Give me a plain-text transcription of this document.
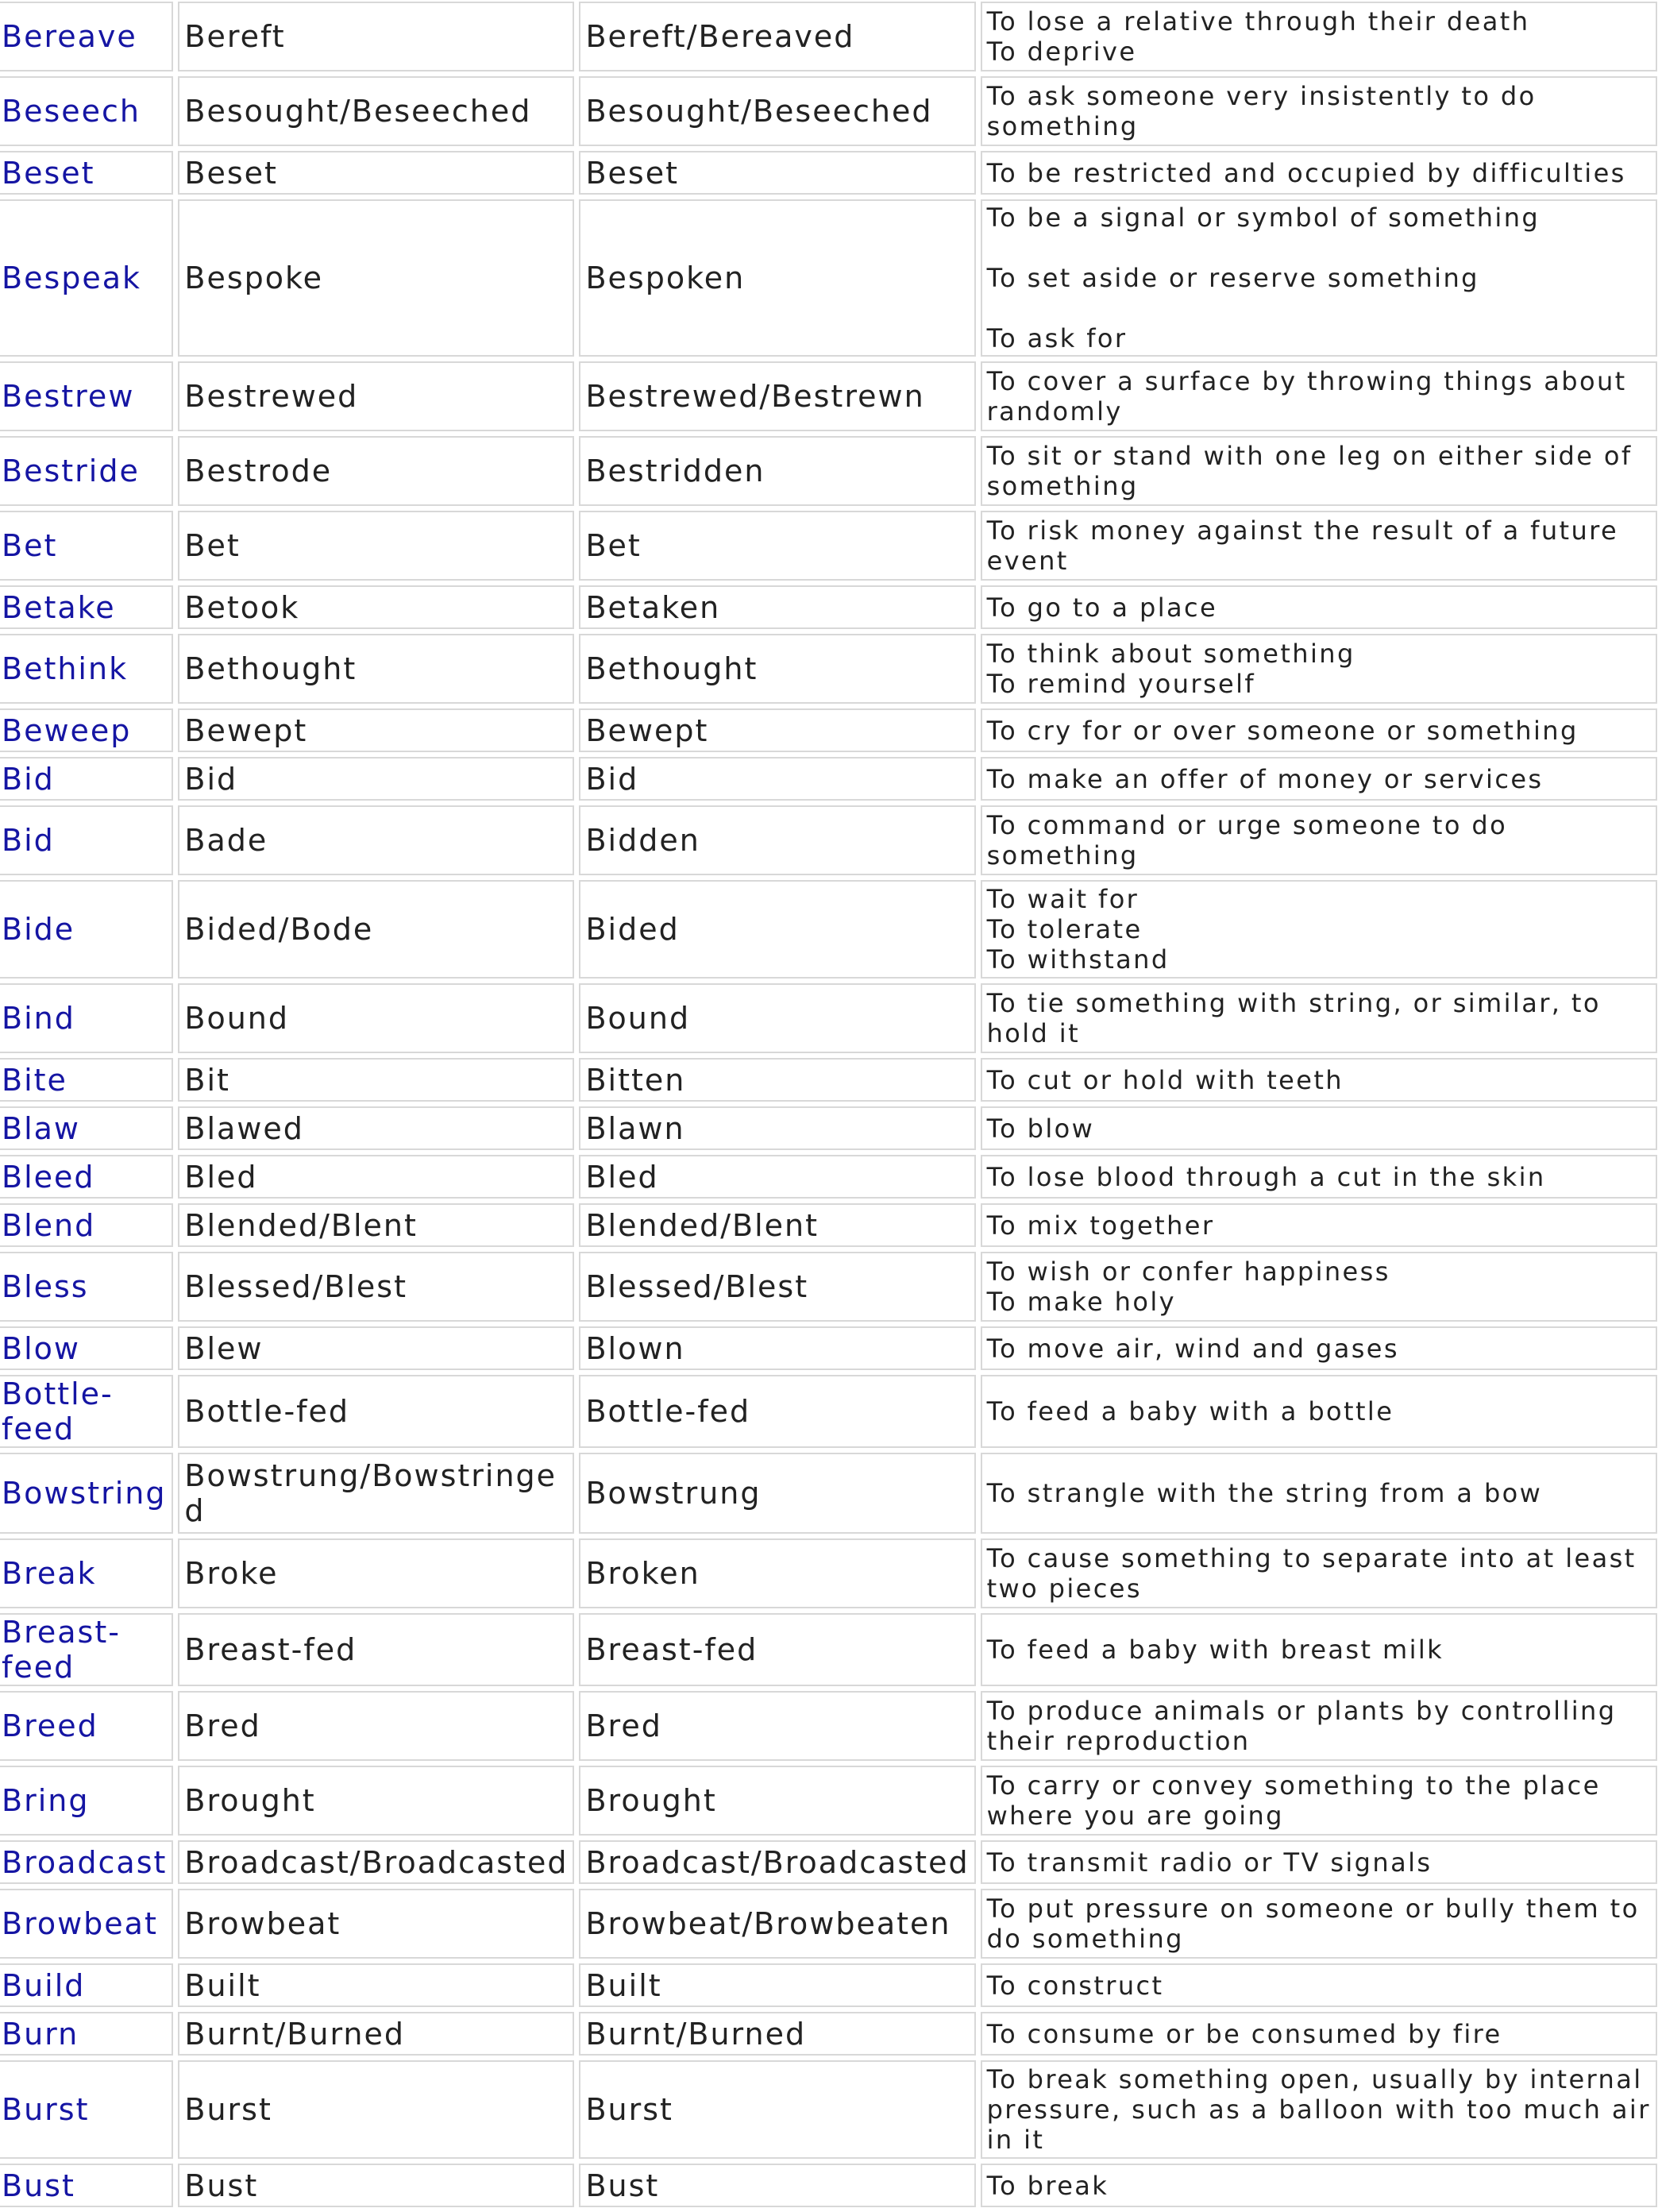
Bereave	Bereft	Bereft/Bereaved	To lose a relative through their death
To deprive

Beseech	Besought/Beseeched	Besought/Beseeched	To ask someone very insistently to do
something

Beset	Beset	Beset	To be restricted and occupied by difficulties

Bespeak	Bespoke	Bespoken	To be a signal or symbol of something
To set aside or reserve something
To ask for

Bestrew	Bestrewed	Bestrewed/Bestrewn	To cover a surface by throwing things about
randomly

Bestride	Bestrode	Bestridden	To sit or stand with one leg on either side of
something

Bet	Bet	Bet	To risk money against the result of a future
event

Betake	Betook	Betaken	To go to a place

Bethink	Bethought	Bethought	To think about something
To remind yourself

Beweep	Bewept	Bewept	To cry for or over someone or something

Bid	Bid	Bid	To make an offer of money or services

Bid	Bade	Bidden	To command or urge someone to do
something

Bide	Bided/Bode	Bided	To wait for
To tolerate
To withstand

Bind	Bound	Bound	To tie something with string, or similar, to
hold it

Bite	Bit	Bitten	To cut or hold with teeth

Blaw	Blawed	Blawn	To blow

Bleed	Bled	Bled	To lose blood through a cut in the skin

Blend	Blended/Blent	Blended/Blent	To mix together

Bless	Blessed/Blest	Blessed/Blest	To wish or confer happiness
To make holy

Blow	Blew	Blown	To move air, wind and gases

Bottle-feed	Bottle-fed	Bottle-fed	To feed a baby with a bottle

Bowstring	Bowstrung/Bowstringe
d	Bowstrung	To strangle with the string from a bow

Break	Broke	Broken	To cause something to separate into at least
two pieces

Breast-feed	Breast-fed	Breast-fed	To feed a baby with breast milk

Breed	Bred	Bred	To produce animals or plants by controlling
their reproduction

Bring	Brought	Brought	To carry or convey something to the place
where you are going

Broadcast	Broadcast/Broadcasted	Broadcast/Broadcasted	To transmit radio or TV signals

Browbeat	Browbeat	Browbeat/Browbeaten	To put pressure on someone or bully them to
do something

Build	Built	Built	To construct

Burn	Burnt/Burned	Burnt/Burned	To consume or be consumed by fire

Burst	Burst	Burst	To break something open, usually by internal
pressure, such as a balloon with too much air
in it

Bust	Bust	Bust	To break
